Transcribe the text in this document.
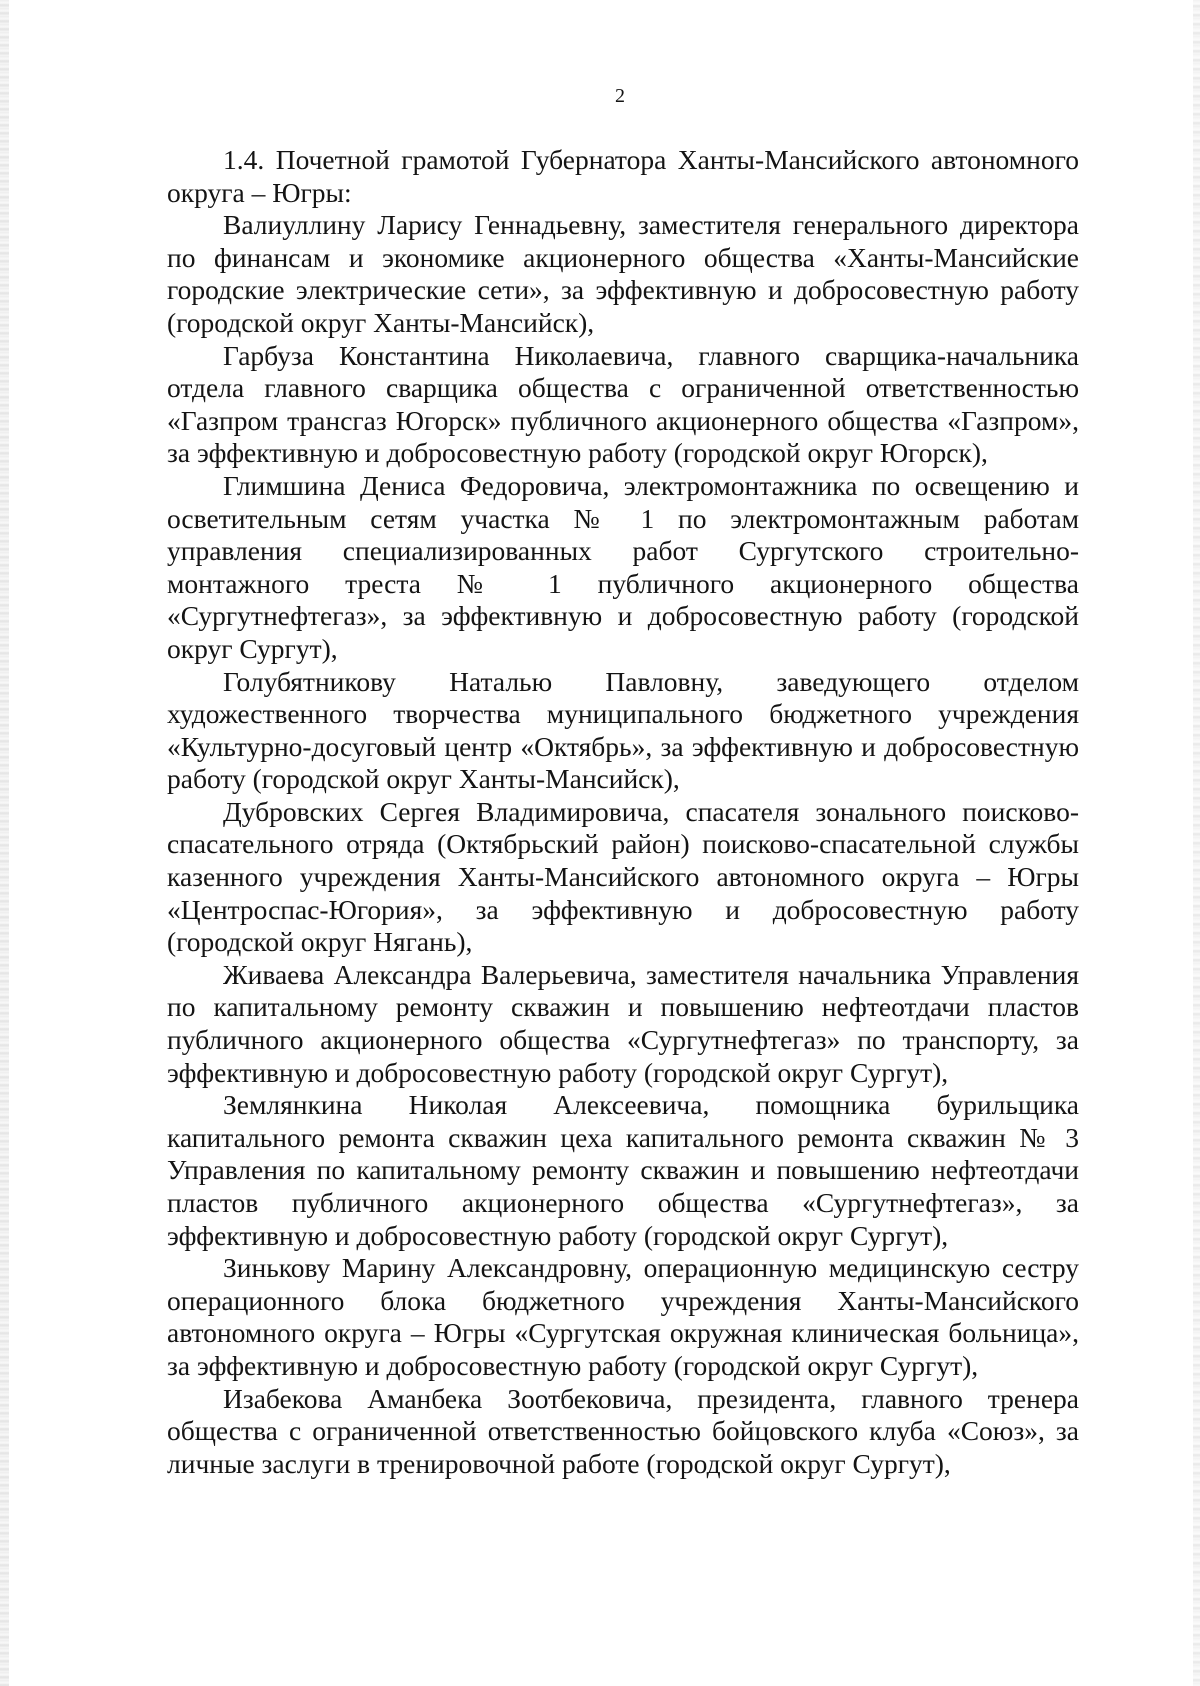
2

1.4. Почетной грамотой Губернатора Ханты-Мансийского автономного округа – Югры:

Валиуллину Ларису Геннадьевну, заместителя генерального директора по финансам и экономике акционерного общества «Ханты-Мансийские городские электрические сети», за эффективную и добросовестную работу (городской округ Ханты-Мансийск),

Гарбуза Константина Николаевича, главного сварщика-начальника отдела главного сварщика общества с ограниченной ответственностью «Газпром трансгаз Югорск» публичного акционерного общества «Газпром», за эффективную и добросовестную работу (городской округ Югорск),

Глимшина Дениса Федоровича, электромонтажника по освещению и осветительным сетям участка № 1 по электромонтажным работам управления специализированных работ Сургутского строительно-монтажного треста № 1 публичного акционерного общества «Сургутнефтегаз», за эффективную и добросовестную работу (городской округ Сургут),

Голубятникову Наталью Павловну, заведующего отделом художественного творчества муниципального бюджетного учреждения «Культурно-досуговый центр «Октябрь», за эффективную и добросовестную работу (городской округ Ханты-Мансийск),

Дубровских Сергея Владимировича, спасателя зонального поисково-спасательного отряда (Октябрьский район) поисково-спасательной службы казенного учреждения Ханты-Мансийского автономного округа – Югры «Центроспас-Югория», за эффективную и добросовестную работу (городской округ Нягань),

Живаева Александра Валерьевича, заместителя начальника Управления по капитальному ремонту скважин и повышению нефтеотдачи пластов публичного акционерного общества «Сургутнефтегаз» по транспорту, за эффективную и добросовестную работу (городской округ Сургут),

Землянкина Николая Алексеевича, помощника бурильщика капитального ремонта скважин цеха капитального ремонта скважин № 3 Управления по капитальному ремонту скважин и повышению нефтеотдачи пластов публичного акционерного общества «Сургутнефтегаз», за эффективную и добросовестную работу (городской округ Сургут),

Зинькову Марину Александровну, операционную медицинскую сестру операционного блока бюджетного учреждения Ханты-Мансийского автономного округа – Югры «Сургутская окружная клиническая больница», за эффективную и добросовестную работу (городской округ Сургут),

Изабекова Аманбека Зоотбековича, президента, главного тренера общества с ограниченной ответственностью бойцовского клуба «Союз», за личные заслуги в тренировочной работе (городской округ Сургут),
